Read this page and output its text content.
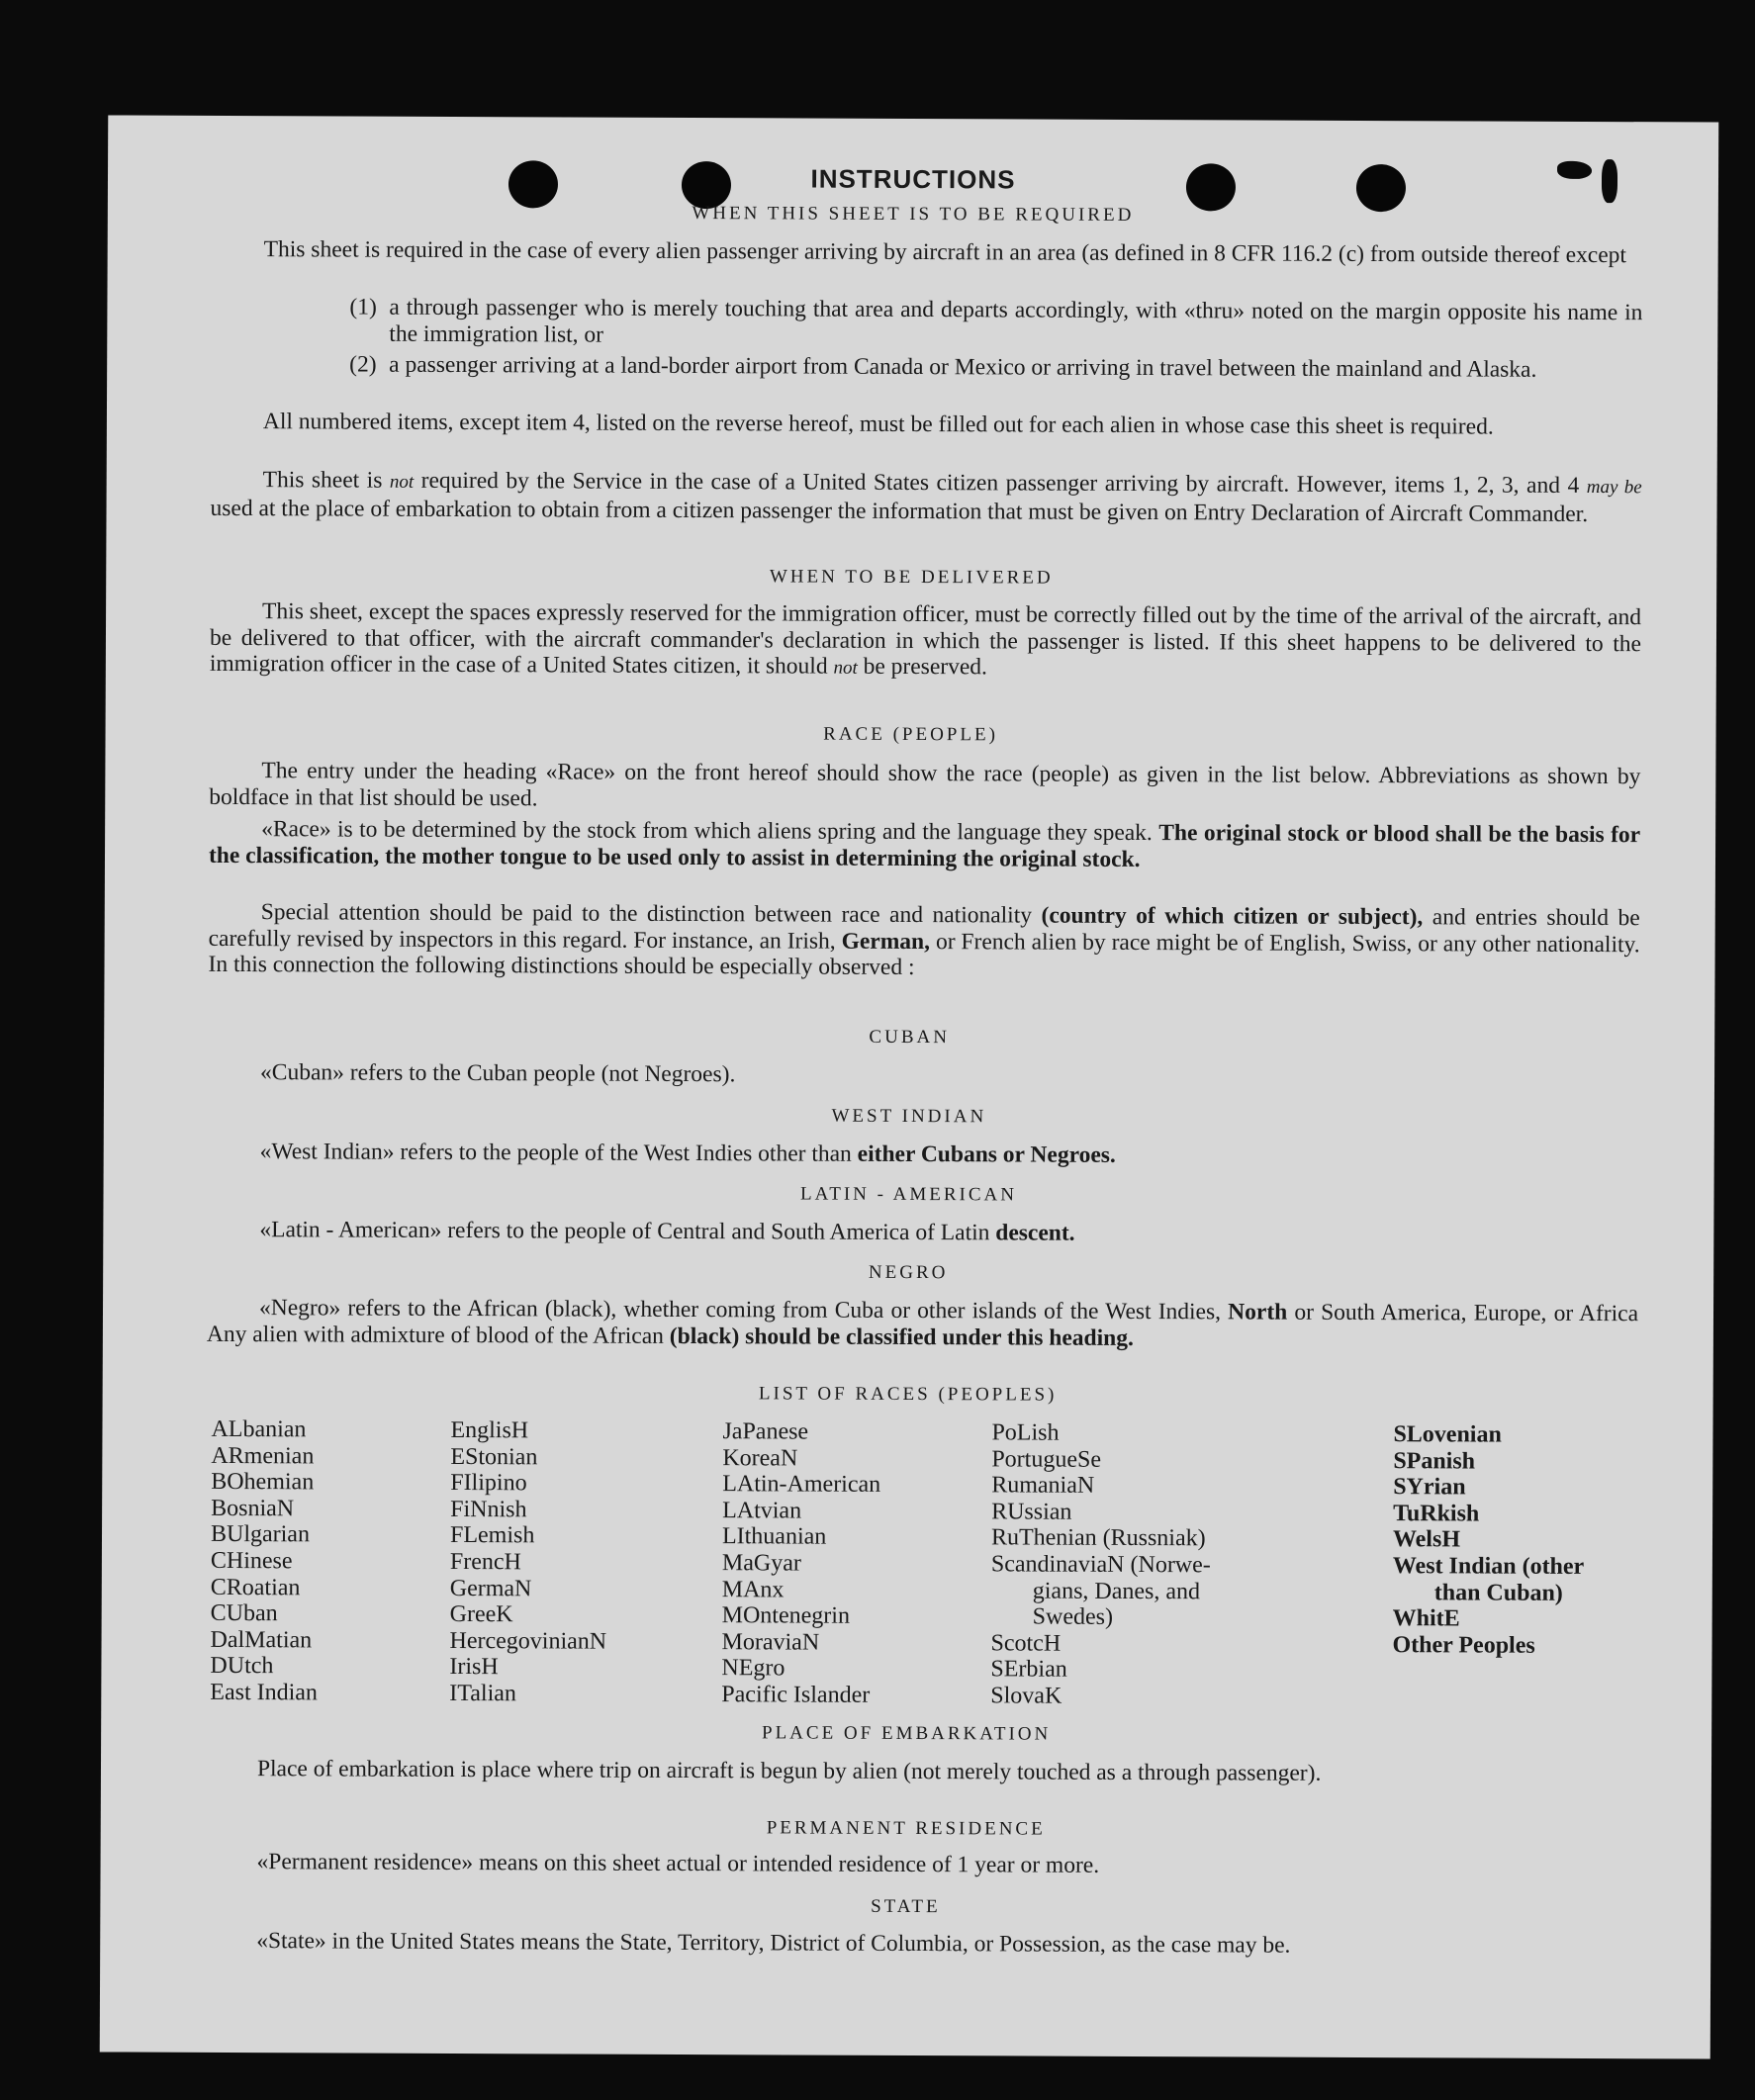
INSTRUCTIONS
WHEN THIS SHEET IS TO BE REQUIRED
This sheet is required in the case of every alien passenger arriving by aircraft in an area (as defined in 8 CFR 116.2 (c) from outside thereof except
(1) a through passenger who is merely touching that area and departs accordingly, with «thru» noted on the margin opposite his name in the immigration list, or
(2) a passenger arriving at a land-border airport from Canada or Mexico or arriving in travel between the mainland and Alaska.
All numbered items, except item 4, listed on the reverse hereof, must be filled out for each alien in whose case this sheet is required.
This sheet is not required by the Service in the case of a United States citizen passenger arriving by aircraft. However, items 1, 2, 3, and 4 may be used at the place of embarkation to obtain from a citizen passenger the information that must be given on Entry Declaration of Aircraft Commander.
WHEN TO BE DELIVERED
This sheet, except the spaces expressly reserved for the immigration officer, must be correctly filled out by the time of the arrival of the aircraft, and be delivered to that officer, with the aircraft commander's declaration in which the passenger is listed. If this sheet happens to be delivered to the immigration officer in the case of a United States citizen, it should not be preserved.
RACE (PEOPLE)
The entry under the heading «Race» on the front hereof should show the race (people) as given in the list below. Abbreviations as shown by boldface in that list should be used.
«Race» is to be determined by the stock from which aliens spring and the language they speak. The original stock or blood shall be the basis for the classification, the mother tongue to be used only to assist in determining the original stock.
Special attention should be paid to the distinction between race and nationality (country of which citizen or subject), and entries should be carefully revised by inspectors in this regard. For instance, an Irish, German, or French alien by race might be of English, Swiss, or any other nationality. In this connection the following distinctions should be especially observed :
CUBAN
«Cuban» refers to the Cuban people (not Negroes).
WEST INDIAN
«West Indian» refers to the people of the West Indies other than either Cubans or Negroes.
LATIN - AMERICAN
«Latin - American» refers to the people of Central and South America of Latin descent.
NEGRO
«Negro» refers to the African (black), whether coming from Cuba or other islands of the West Indies, North or South America, Europe, or Africa Any alien with admixture of blood of the African (black) should be classified under this heading.
LIST OF RACES (PEOPLES)
ALbanian
ARmenian
BOhemian
BosniaN
BUlgarian
CHinese
CRoatian
CUban
DalMatian
DUtch
East Indian
EnglisH
EStonian
FIlipino
FiNnish
FLemish
FrencH
GermaN
GreeK
HercegovinianN
IrisH
ITalian
JaPanese
KoreaN
LAtin-American
LAtvian
LIthuanian
MaGyar
MAnx
MOntenegrin
MoraviaN
NEgro
Pacific Islander
PoLish
PortugueSe
RumaniaN
RUssian
RuThenian (Russniak)
ScandinaviaN (Norwe-
gians, Danes, and
Swedes)
ScotcH
SErbian
SlovaK
SLovenian
SPanish
SYrian
TuRkish
WelsH
West Indian (other
than Cuban)
WhitE
Other Peoples
PLACE OF EMBARKATION
Place of embarkation is place where trip on aircraft is begun by alien (not merely touched as a through passenger).
PERMANENT RESIDENCE
«Permanent residence» means on this sheet actual or intended residence of 1 year or more.
STATE
«State» in the United States means the State, Territory, District of Columbia, or Possession, as the case may be.
